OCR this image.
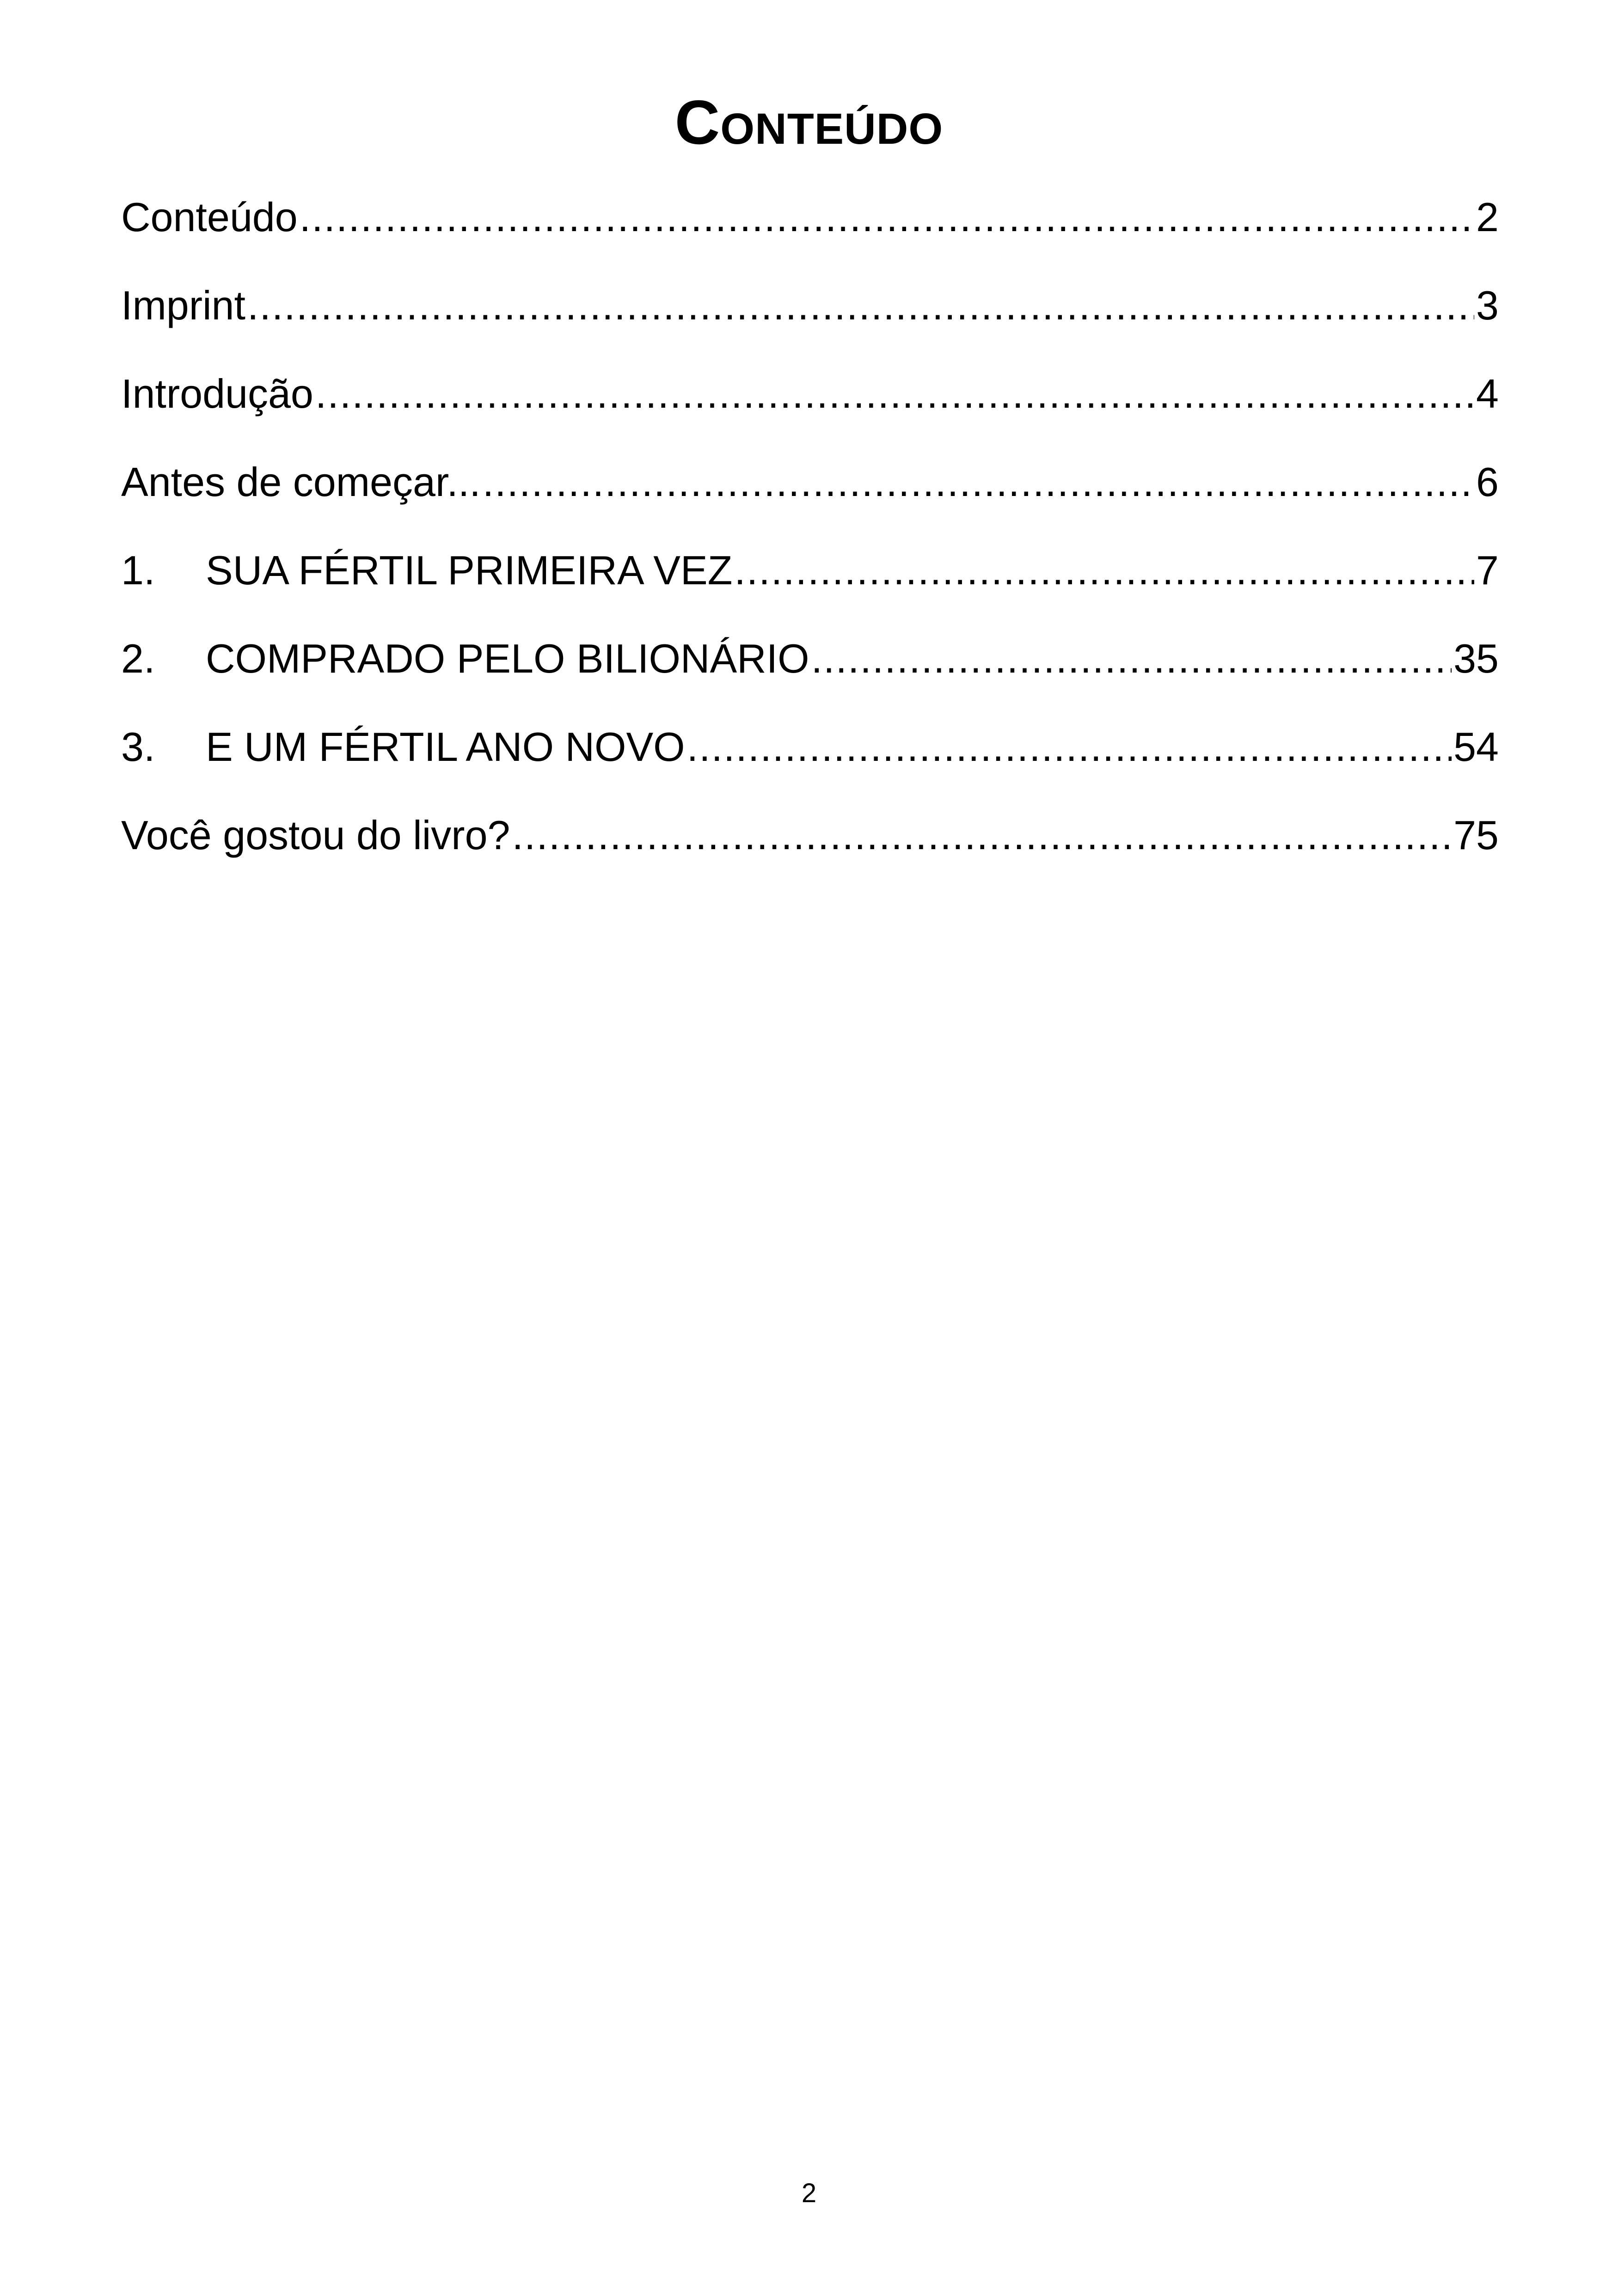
Conteúdo
Conteúdo .....	2
Imprint .....	3
Introdução .....	4
Antes de começar... .....	6
1.	SUA FÉRTIL PRIMEIRA VEZ .....	7
2.	COMPRADO PELO BILIONÁRIO .....	35
3.	E UM FÉRTIL ANO NOVO .....	54
Você gostou do livro? .....	75
2
